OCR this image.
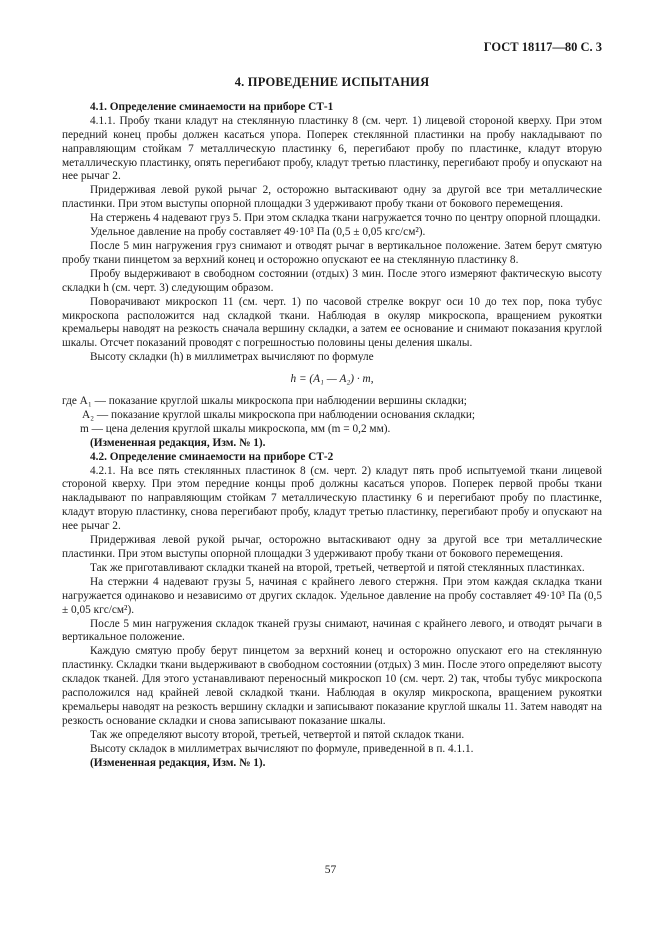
ГОСТ 18117—80 С. 3
4. ПРОВЕДЕНИЕ ИСПЫТАНИЯ

4.1. Определение сминаемости на приборе СТ-1

4.1.1. Пробу ткани кладут на стеклянную пластинку 8 (см. черт. 1) лицевой стороной кверху. При этом передний конец пробы должен касаться упора. Поперек стеклянной пластинки на пробу накладывают по направляющим стойкам 7 металлическую пластинку 6, перегибают пробу по пластинке, кладут вторую металлическую пластинку, опять перегибают пробу, кладут третью пластинку, перегибают пробу и опускают на нее рычаг 2.

Придерживая левой рукой рычаг 2, осторожно вытаскивают одну за другой все три металлические пластинки. При этом выступы опорной площадки 3 удерживают пробу ткани от бокового перемещения.

На стержень 4 надевают груз 5. При этом складка ткани нагружается точно по центру опорной площадки.

Удельное давление на пробу составляет 49·10³ Па (0,5 ± 0,05 кгс/см²).

После 5 мин нагружения груз снимают и отводят рычаг в вертикальное положение. Затем берут смятую пробу ткани пинцетом за верхний конец и осторожно опускают ее на стеклянную пластинку 8.

Пробу выдерживают в свободном состоянии (отдых) 3 мин. После этого измеряют фактическую высоту складки h (см. черт. 3) следующим образом.

Поворачивают микроскоп 11 (см. черт. 1) по часовой стрелке вокруг оси 10 до тех пор, пока тубус микроскопа расположится над складкой ткани. Наблюдая в окуляр микроскопа, вращением рукоятки кремальеры наводят на резкость сначала вершину складки, а затем ее основание и снимают показания круглой шкалы. Отсчет показаний проводят с погрешностью половины цены деления шкалы.

Высоту складки (h) в миллиметрах вычисляют по формуле

h = (A₁ — A₂) · m,

где A₁ — показание круглой шкалы микроскопа при наблюдении вершины складки;

A₂ — показание круглой шкалы микроскопа при наблюдении основания складки;

m — цена деления круглой шкалы микроскопа, мм (m = 0,2 мм).

(Измененная редакция, Изм. № 1).

4.2. Определение сминаемости на приборе СТ-2

4.2.1. На все пять стеклянных пластинок 8 (см. черт. 2) кладут пять проб испытуемой ткани лицевой стороной кверху. При этом передние концы проб должны касаться упоров. Поперек первой пробы ткани накладывают по направляющим стойкам 7 металлическую пластинку 6 и перегибают пробу по пластинке, кладут вторую пластинку, снова перегибают пробу, кладут третью пластинку, перегибают пробу и опускают на нее рычаг 2.

Придерживая левой рукой рычаг, осторожно вытаскивают одну за другой все три металлические пластинки. При этом выступы опорной площадки 3 удерживают пробу ткани от бокового перемещения.

Так же приготавливают складки тканей на второй, третьей, четвертой и пятой стеклянных пластинках.

На стержни 4 надевают грузы 5, начиная с крайнего левого стержня. При этом каждая складка ткани нагружается одинаково и независимо от других складок. Удельное давление на пробу составляет 49·10³ Па (0,5 ± 0,05 кгс/см²).

После 5 мин нагружения складок тканей грузы снимают, начиная с крайнего левого, и отводят рычаги в вертикальное положение.

Каждую смятую пробу берут пинцетом за верхний конец и осторожно опускают его на стеклянную пластинку. Складки ткани выдерживают в свободном состоянии (отдых) 3 мин. После этого определяют высоту складок тканей. Для этого устанавливают переносный микроскоп 10 (см. черт. 2) так, чтобы тубус микроскопа расположился над крайней левой складкой ткани. Наблюдая в окуляр микроскопа, вращением рукоятки кремальеры наводят на резкость вершину складки и записывают показание круглой шкалы 11. Затем наводят на резкость основание складки и снова записывают показание шкалы.

Так же определяют высоту второй, третьей, четвертой и пятой складок ткани.

Высоту складок в миллиметрах вычисляют по формуле, приведенной в п. 4.1.1.

(Измененная редакция, Изм. № 1).

57
